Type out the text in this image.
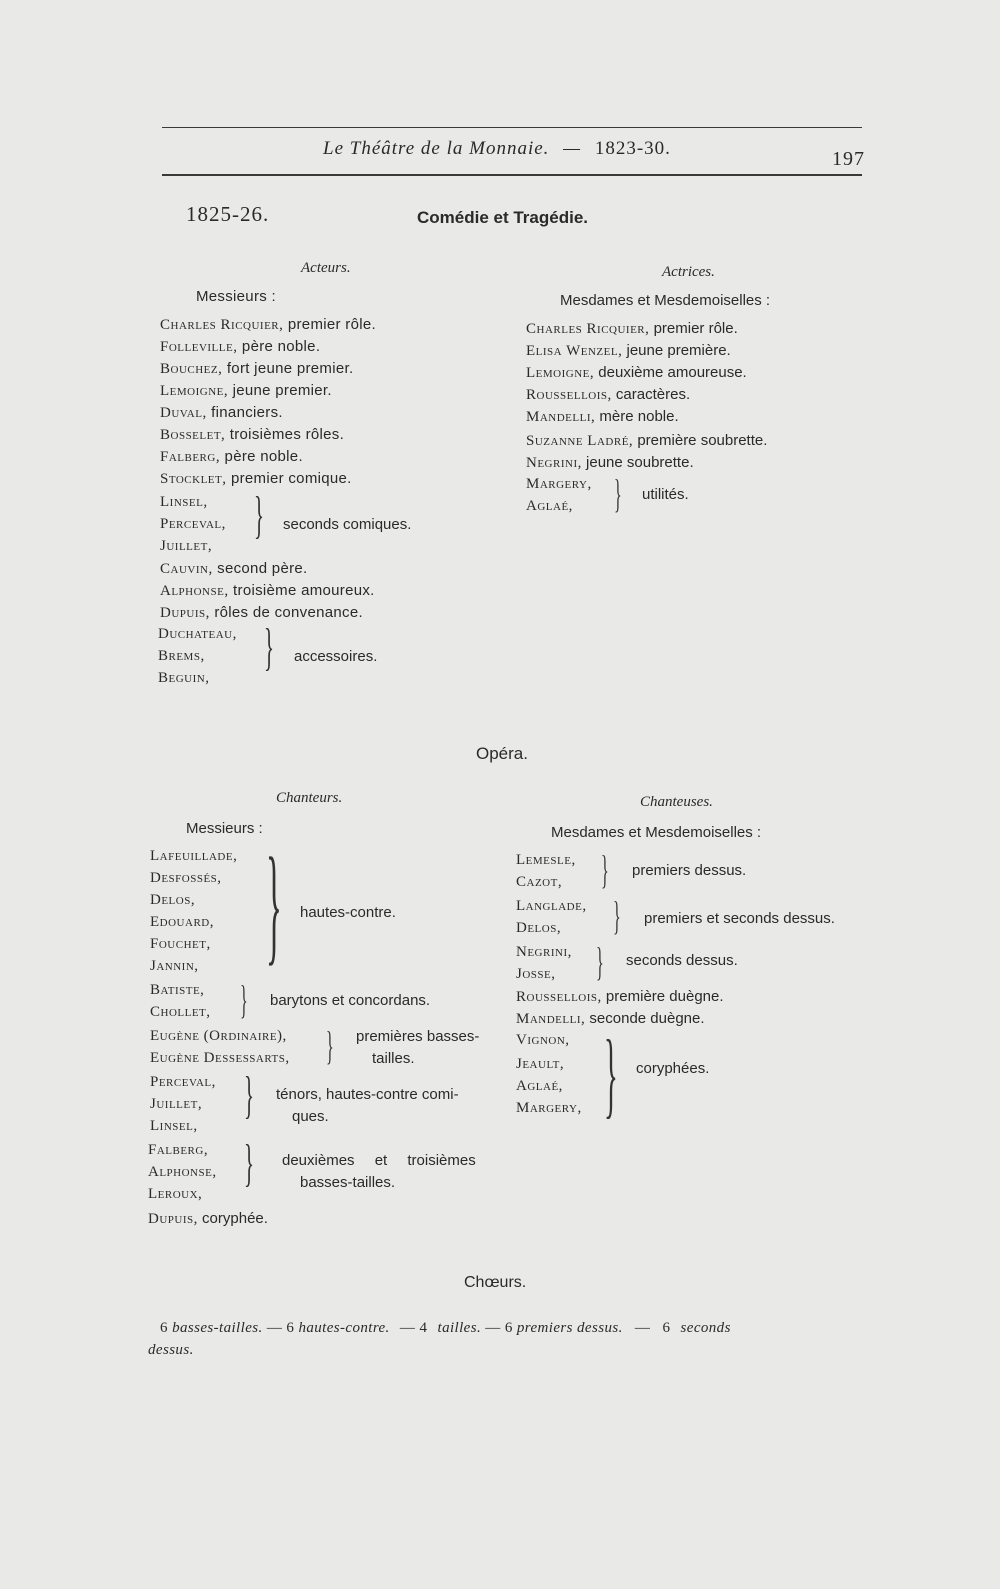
Le Théâtre de la Monnaie. — 1823-30.	197
1825-26.	Comédie et Tragédie.
Acteurs.
Messieurs :
Charles Ricquier, premier rôle.
Folleville, père noble.
Bouchez, fort jeune premier.
Lemoigne, jeune premier.
Duval, financiers.
Bosselet, troisièmes rôles.
Falberg, père noble.
Stocklet, premier comique.
Linsel,
Perceval,
Juillet,
} seconds comiques.
Cauvin, second père.
Alphonse, troisième amoureux.
Dupuis, rôles de convenance.
Duchateau,
Brems,
Beguin,
} accessoires.
Actrices.
Mesdames et Mesdemoiselles :
Charles Ricquier, premier rôle.
Elisa Wenzel, jeune première.
Lemoigne, deuxième amoureuse.
Roussellois, caractères.
Mandelli, mère noble.
Suzanne Ladré, première soubrette.
Negrini, jeune soubrette.
Margery,
Aglaé, } utilités.
Opéra.
Chanteurs.
Messieurs :
Lafeuillade,
Desfossés,
Delos,
Edouard,
Fouchet,
Jannin, } hautes-contre.
Batiste,
Chollet, } barytons et concordans.
Eugène (Ordinaire),
Eugène Dessessarts, } premières basses-
tailles.
Perceval,
Juillet,
Linsel,
} ténors, hautes-contre comi-
ques.
Falberg,
Alphonse,
Leroux,
} deuxièmes et troisièmes
basses-tailles.
Dupuis, coryphée.
Chanteuses.
Mesdames et Mesdemoiselles :
Lemesle,
Cazot, } premiers dessus.
Langlade,
Delos, } premiers et seconds dessus.
Negrini,
Josse, } seconds dessus.
Roussellois, première duègne.
Mandelli, seconde duègne.
Vignon,
Jeault,
Aglaé,
Margery, } coryphées.
Chœurs.
6 basses-tailles. — 6 hautes-contre. — 4 tailles. — 6 premiers dessus. — 6 seconds
dessus.
